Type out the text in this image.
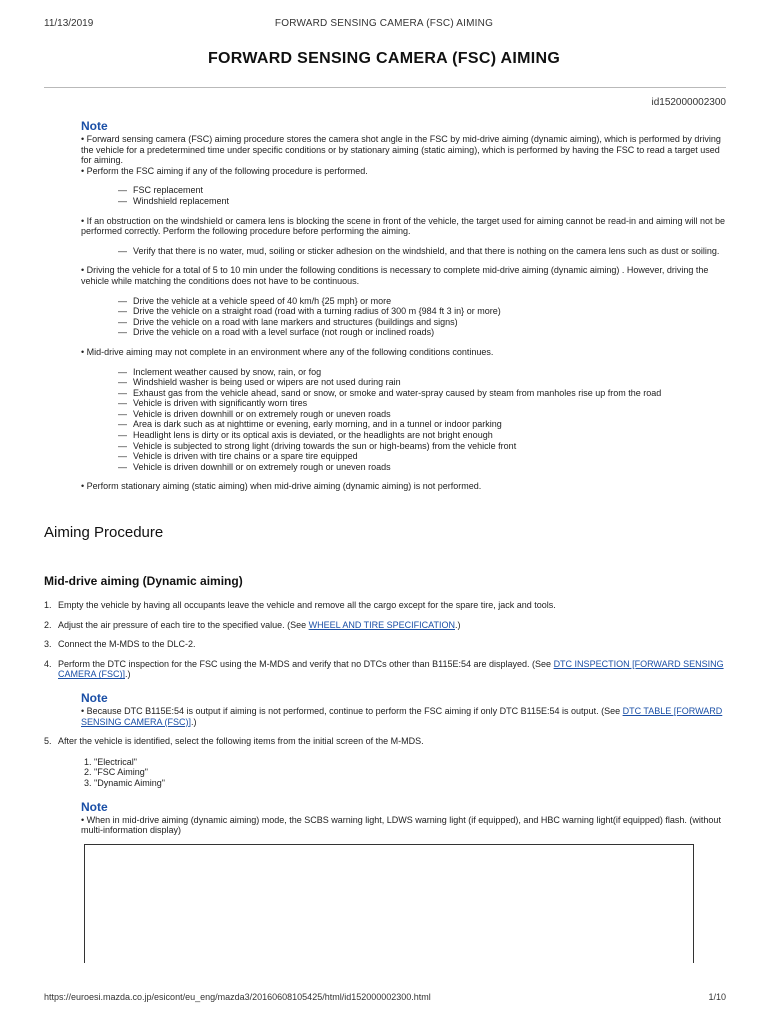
11/13/2019	FORWARD SENSING CAMERA (FSC) AIMING
FORWARD SENSING CAMERA (FSC) AIMING
id152000002300
Note
• Forward sensing camera (FSC) aiming procedure stores the camera shot angle in the FSC by mid-drive aiming (dynamic aiming), which is performed by driving the vehicle for a predetermined time under specific conditions or by stationary aiming (static aiming), which is performed by having the FSC to read a target used for aiming.
• Perform the FSC aiming if any of the following procedure is performed.
— FSC replacement
— Windshield replacement
• If an obstruction on the windshield or camera lens is blocking the scene in front of the vehicle, the target used for aiming cannot be read-in and aiming will not be performed correctly. Perform the following procedure before performing the aiming.
— Verify that there is no water, mud, soiling or sticker adhesion on the windshield, and that there is nothing on the camera lens such as dust or soiling.
• Driving the vehicle for a total of 5 to 10 min under the following conditions is necessary to complete mid-drive aiming (dynamic aiming) . However, driving the vehicle while matching the conditions does not have to be continuous.
— Drive the vehicle at a vehicle speed of 40 km/h {25 mph} or more
— Drive the vehicle on a straight road (road with a turning radius of 300 m {984 ft 3 in} or more)
— Drive the vehicle on a road with lane markers and structures (buildings and signs)
— Drive the vehicle on a road with a level surface (not rough or inclined roads)
• Mid-drive aiming may not complete in an environment where any of the following conditions continues.
— Inclement weather caused by snow, rain, or fog
— Windshield washer is being used or wipers are not used during rain
— Exhaust gas from the vehicle ahead, sand or snow, or smoke and water-spray caused by steam from manholes rise up from the road
— Vehicle is driven with significantly worn tires
— Vehicle is driven downhill or on extremely rough or uneven roads
— Area is dark such as at nighttime or evening, early morning, and in a tunnel or indoor parking
— Headlight lens is dirty or its optical axis is deviated, or the headlights are not bright enough
— Vehicle is subjected to strong light (driving towards the sun or high-beams) from the vehicle front
— Vehicle is driven with tire chains or a spare tire equipped
— Vehicle is driven downhill or on extremely rough or uneven roads
• Perform stationary aiming (static aiming) when mid-drive aiming (dynamic aiming) is not performed.
Aiming Procedure
Mid-drive aiming (Dynamic aiming)
1. Empty the vehicle by having all occupants leave the vehicle and remove all the cargo except for the spare tire, jack and tools.
2. Adjust the air pressure of each tire to the specified value. (See WHEEL AND TIRE SPECIFICATION.)
3. Connect the M-MDS to the DLC-2.
4. Perform the DTC inspection for the FSC using the M-MDS and verify that no DTCs other than B115E:54 are displayed. (See DTC INSPECTION [FORWARD SENSING CAMERA (FSC)].)
Note
• Because DTC B115E:54 is output if aiming is not performed, continue to perform the FSC aiming if only DTC B115E:54 is output. (See DTC TABLE [FORWARD SENSING CAMERA (FSC)].)
5. After the vehicle is identified, select the following items from the initial screen of the M-MDS.
1. "Electrical"
2. "FSC Aiming"
3. "Dynamic Aiming"
Note
• When in mid-drive aiming (dynamic aiming) mode, the SCBS warning light, LDWS warning light (if equipped), and HBC warning light(if equipped) flash. (without multi-information display)
https://euroesi.mazda.co.jp/esicont/eu_eng/mazda3/20160608105425/html/id152000002300.html	1/10
